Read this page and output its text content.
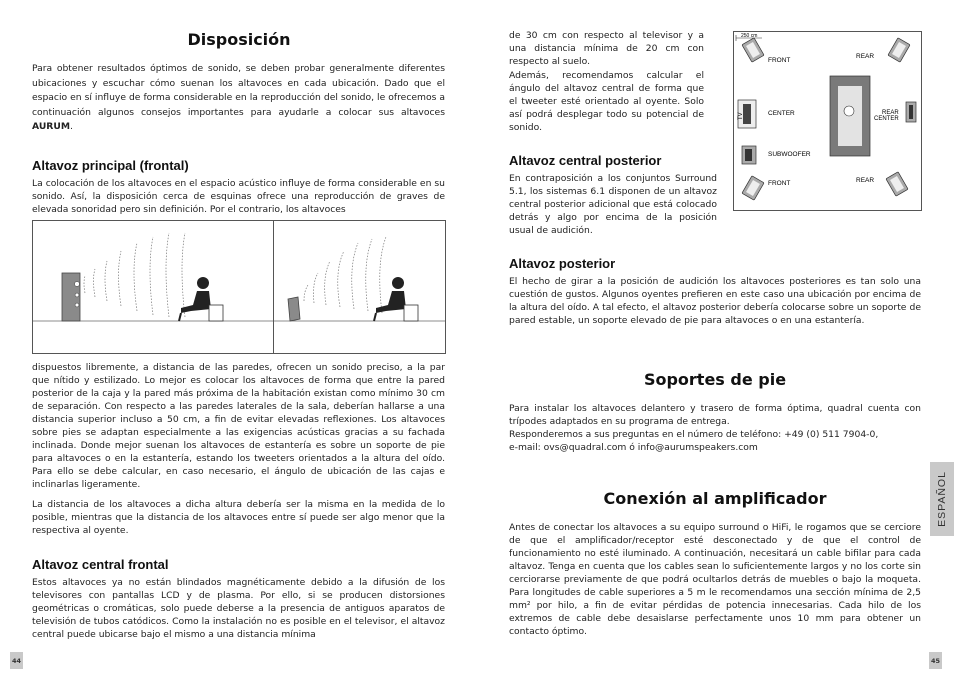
Disposición

Para obtener resultados óptimos de sonido, se deben probar generalmente diferentes ubicaciones y escuchar cómo suenan los altavoces en cada ubicación. Dado que el espacio en sí influye de forma considerable en la reproducción del sonido, le ofrecemos a continuación algunos consejos importantes para ayudarle a colocar sus altavoces AURUM.

Altavoz principal (frontal)

La colocación de los altavoces en el espacio acústico influye de forma considerable en su sonido. Así, la disposición cerca de esquinas ofrece una reproducción de graves de elevada sonoridad pero sin definición. Por el contrario, los altavoces

dispuestos libremente, a distancia de las paredes, ofrecen un sonido preciso, a la par que nítido y estilizado. Lo mejor es colocar los altavoces de forma que entre la pared posterior de la caja y la pared más próxima de la habitación existan como mínimo 30 cm de separación. Con respecto a las paredes laterales de la sala, deberían hallarse a una distancia superior incluso a 50 cm, a fin de evitar elevadas reflexiones. Los altavoces sobre pies se adaptan especialmente a las exigencias acústicas gracias a su fachada inclinada. Donde mejor suenan los altavoces de estantería es sobre un soporte de pie para altavoces o en la estantería, estando los tweeters orientados a la altura del oído. Para ello se debe calcular, en caso necesario, el ángulo de ubicación de las cajas e inclinarlas ligeramente.

La distancia de los altavoces a dicha altura debería ser la misma en la medida de lo posible, mientras que la distancia de los altavoces entre sí puede ser algo menor que la respectiva al oyente.

Altavoz central frontal

Estos altavoces ya no están blindados magnéticamente debido a la difusión de los televisores con pantallas LCD y de plasma. Por ello, si se producen distorsiones geométricas o cromáticas, solo puede deberse a la presencia de antiguos aparatos de televisión de tubos catódicos. Como la instalación no es posible en el televisor, el altavoz central puede ubicarse bajo el mismo a una distancia mínima

44

de 30 cm con respecto al televisor y a una distancia mínima de 20 cm con respecto al suelo.

Además, recomendamos calcular el ángulo del altavoz central de forma que el tweeter esté orientado al oyente. Solo así podrá desplegar todo su potencial de sonido.

Altavoz central posterior

En contraposición a los conjuntos Surround 5.1, los sistemas 6.1 disponen de un altavoz central posterior adicional que está colocado detrás y algo por encima de la posición usual de audición.

250 cm
FRONT
REAR
TV	CENTER	REAR
CENTER
SUBWOOFER
FRONT	REAR
Altavoz posterior

El hecho de girar a la posición de audición los altavoces posteriores es tan solo una cuestión de gustos. Algunos oyentes prefieren en este caso una ubicación por encima de la altura del oído. A tal efecto, el altavoz posterior debería colocarse sobre un soporte de pared estable, un soporte elevado de pie para altavoces o en una estantería.

Soportes de pie

Para instalar los altavoces delantero y trasero de forma óptima, quadral cuenta con trípodes adaptados en su programa de entrega.

Responderemos a sus preguntas en el número de teléfono: +49 (0) 511 7904-0,

e-mail: ovs@quadral.com ó info@aurumspeakers.com

Conexión al amplificador

Antes de conectar los altavoces a su equipo surround o HiFi, le rogamos que se cerciore de que el amplificador/receptor esté desconectado y de que el control de funcionamiento no esté iluminado. A continuación, necesitará un cable bifilar para cada altavoz. Tenga en cuenta que los cables sean lo suficientemente largos y no los corte sin cerciorarse previamente de que podrá ocultarlos detrás de muebles o bajo la moqueta. Para longitudes de cable superiores a 5 m le recomendamos una sección mínima de 2,5 mm² por hilo, a fin de evitar pérdidas de potencia innecesarias. Cada hilo de los extremos de cable debe desaislarse perfectamente unos 10 mm para obtener un contacto óptimo.

ESPAÑOL
45
